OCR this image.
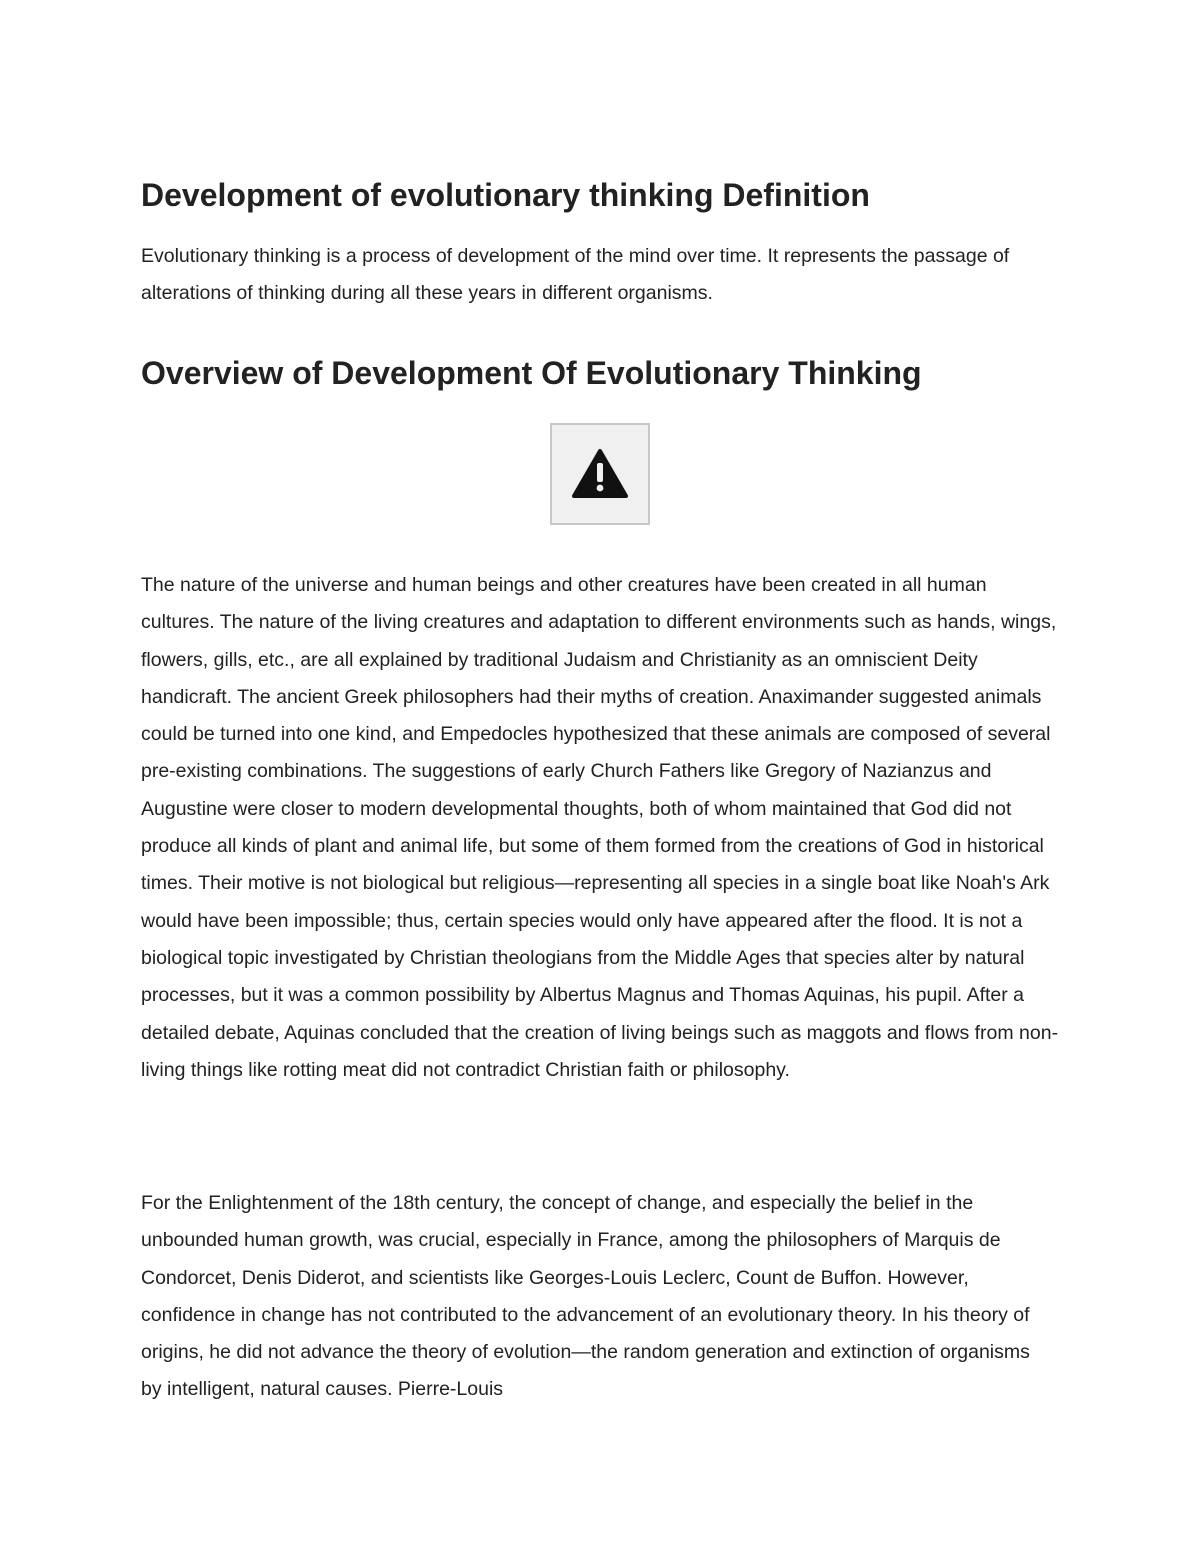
Development of evolutionary thinking Definition

Evolutionary thinking is a process of development of the mind over time. It represents the passage of alterations of thinking during all these years in different organisms.

Overview of Development Of Evolutionary Thinking

The nature of the universe and human beings and other creatures have been created in all human cultures. The nature of the living creatures and adaptation to different environments such as hands, wings, flowers, gills, etc., are all explained by traditional Judaism and Christianity as an omniscient Deity handicraft. The ancient Greek philosophers had their myths of creation. Anaximander suggested animals could be turned into one kind, and Empedocles hypothesized that these animals are composed of several pre-existing combinations. The suggestions of early Church Fathers like Gregory of Nazianzus and Augustine were closer to modern developmental thoughts, both of whom maintained that God did not produce all kinds of plant and animal life, but some of them formed from the creations of God in historical times. Their motive is not biological but religious—representing all species in a single boat like Noah's Ark would have been impossible; thus, certain species would only have appeared after the flood. It is not a biological topic investigated by Christian theologians from the Middle Ages that species alter by natural processes, but it was a common possibility by Albertus Magnus and Thomas Aquinas, his pupil. After a detailed debate, Aquinas concluded that the creation of living beings such as maggots and flows from non-living things like rotting meat did not contradict Christian faith or philosophy.

For the Enlightenment of the 18th century, the concept of change, and especially the belief in the unbounded human growth, was crucial, especially in France, among the philosophers of Marquis de Condorcet, Denis Diderot, and scientists like Georges-Louis Leclerc, Count de Buffon. However, confidence in change has not contributed to the advancement of an evolutionary theory. In his theory of origins, he did not advance the theory of evolution—the random generation and extinction of organisms by intelligent, natural causes. Pierre-Louis
